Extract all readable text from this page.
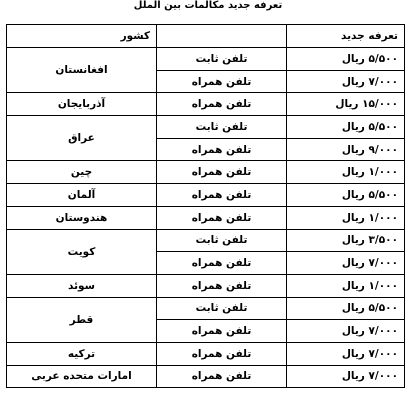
تعرفه جدید مکالمات بین الملل
تعرفه جدید		کشور
۵/۵۰۰ ریال	تلفن ثابت	افغانستان
۷/۰۰۰ ریال	تلفن همراه	
۱۵/۰۰۰ ریال	تلفن همراه	آذربایجان
۵/۵۰۰ ریال	تلفن ثابت	عراق
۹/۰۰۰ ریال	تلفن همراه	
۱/۰۰۰ ریال	تلفن همراه	چین
۵/۵۰۰ ریال	تلفن همراه	آلمان
۱/۰۰۰ ریال	تلفن همراه	هندوستان
۳/۵۰۰ ریال	تلفن ثابت	کویت
۷/۰۰۰ ریال	تلفن همراه	
۱/۰۰۰ ریال	تلفن همراه	سوئد
۵/۵۰۰ ریال	تلفن ثابت	قطر
۷/۰۰۰ ریال	تلفن همراه	
۷/۰۰۰ ریال	تلفن همراه	ترکیه
۷/۰۰۰ ریال	تلفن همراه	امارات متحده عربی
